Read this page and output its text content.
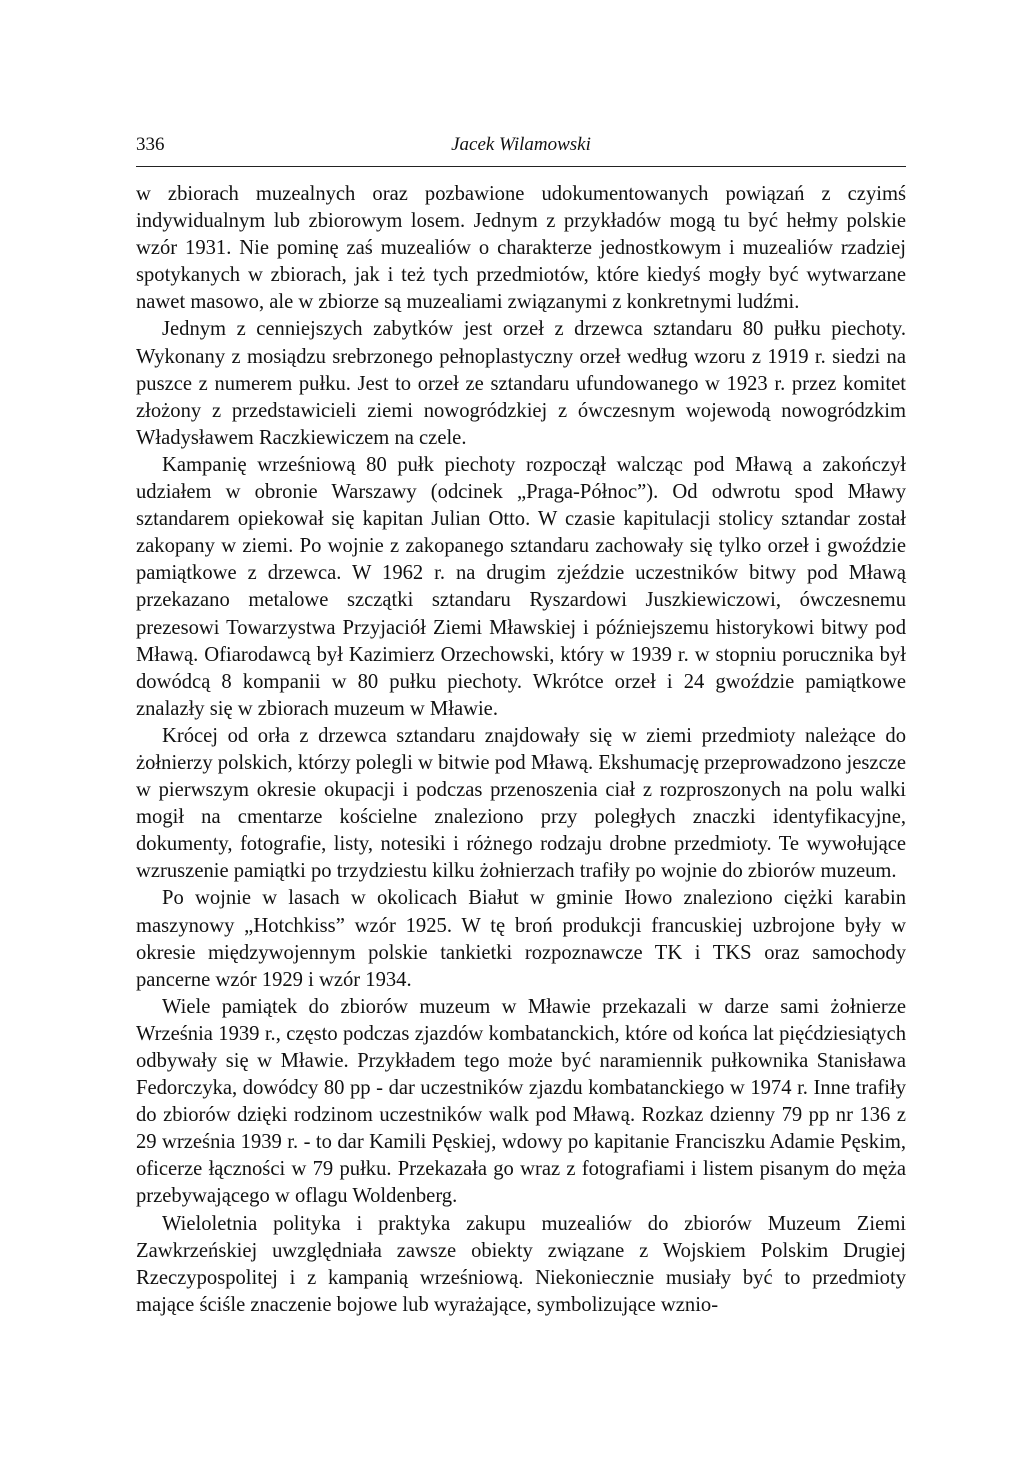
336	Jacek Wilamowski

w zbiorach muzealnych oraz pozbawione udokumentowanych powiązań z czyimś indywidualnym lub zbiorowym losem. Jednym z przykładów mogą tu być hełmy polskie wzór 1931. Nie pominę zaś muzealiów o charakterze jednostkowym i muzealiów rzadziej spotykanych w zbiorach, jak i też tych przedmiotów, które kiedyś mogły być wytwarzane nawet masowo, ale w zbiorze są muzealiami związanymi z konkretnymi ludźmi.

Jednym z cenniejszych zabytków jest orzeł z drzewca sztandaru 80 pułku piechoty. Wykonany z mosiądzu srebrzonego pełnoplastyczny orzeł według wzoru z 1919 r. siedzi na puszce z numerem pułku. Jest to orzeł ze sztandaru ufundowanego w 1923 r. przez komitet złożony z przedstawicieli ziemi nowogródzkiej z ówczesnym wojewodą nowogródzkim Władysławem Raczkiewiczem na czele.

Kampanię wrześniową 80 pułk piechoty rozpoczął walcząc pod Mławą a zakończył udziałem w obronie Warszawy (odcinek „Praga-Północ”). Od odwrotu spod Mławy sztandarem opiekował się kapitan Julian Otto. W czasie kapitulacji stolicy sztandar został zakopany w ziemi. Po wojnie z zakopanego sztandaru zachowały się tylko orzeł i gwoździe pamiątkowe z drzewca. W 1962 r. na drugim zjeździe uczestników bitwy pod Mławą przekazano metalowe szczątki sztandaru Ryszardowi Juszkiewiczowi, ówczesnemu prezesowi Towarzystwa Przyjaciół Ziemi Mławskiej i późniejszemu historykowi bitwy pod Mławą. Ofiarodawcą był Kazimierz Orzechowski, który w 1939 r. w stopniu porucznika był dowódcą 8 kompanii w 80 pułku piechoty. Wkrótce orzeł i 24 gwoździe pamiątkowe znalazły się w zbiorach muzeum w Mławie.

Krócej od orła z drzewca sztandaru znajdowały się w ziemi przedmioty należące do żołnierzy polskich, którzy polegli w bitwie pod Mławą. Ekshumację przeprowadzono jeszcze w pierwszym okresie okupacji i podczas przenoszenia ciał z rozproszonych na polu walki mogił na cmentarze kościelne znaleziono przy poległych znaczki identyfikacyjne, dokumenty, fotografie, listy, notesiki i różnego rodzaju drobne przedmioty. Te wywołujące wzruszenie pamiątki po trzydziestu kilku żołnierzach trafiły po wojnie do zbiorów muzeum.

Po wojnie w lasach w okolicach Białut w gminie Iłowo znaleziono ciężki karabin maszynowy „Hotchkiss” wzór 1925. W tę broń produkcji francuskiej uzbrojone były w okresie międzywojennym polskie tankietki rozpoznawcze TK i TKS oraz samochody pancerne wzór 1929 i wzór 1934.

Wiele pamiątek do zbiorów muzeum w Mławie przekazali w darze sami żołnierze Września 1939 r., często podczas zjazdów kombatanckich, które od końca lat pięćdziesiątych odbywały się w Mławie. Przykładem tego może być naramiennik pułkownika Stanisława Fedorczyka, dowódcy 80 pp - dar uczestników zjazdu kombatanckiego w 1974 r. Inne trafiły do zbiorów dzięki rodzinom uczestników walk pod Mławą. Rozkaz dzienny 79 pp nr 136 z 29 września 1939 r. - to dar Kamili Pęskiej, wdowy po kapitanie Franciszku Adamie Pęskim, oficerze łączności w 79 pułku. Przekazała go wraz z fotografiami i listem pisanym do męża przebywającego w oflagu Woldenberg.

Wieloletnia polityka i praktyka zakupu muzealiów do zbiorów Muzeum Ziemi Zawkrzeńskiej uwzględniała zawsze obiekty związane z Wojskiem Polskim Drugiej Rzeczypospolitej i z kampanią wrześniową. Niekoniecznie musiały być to przedmioty mające ściśle znaczenie bojowe lub wyrażające, symbolizujące wznio-
